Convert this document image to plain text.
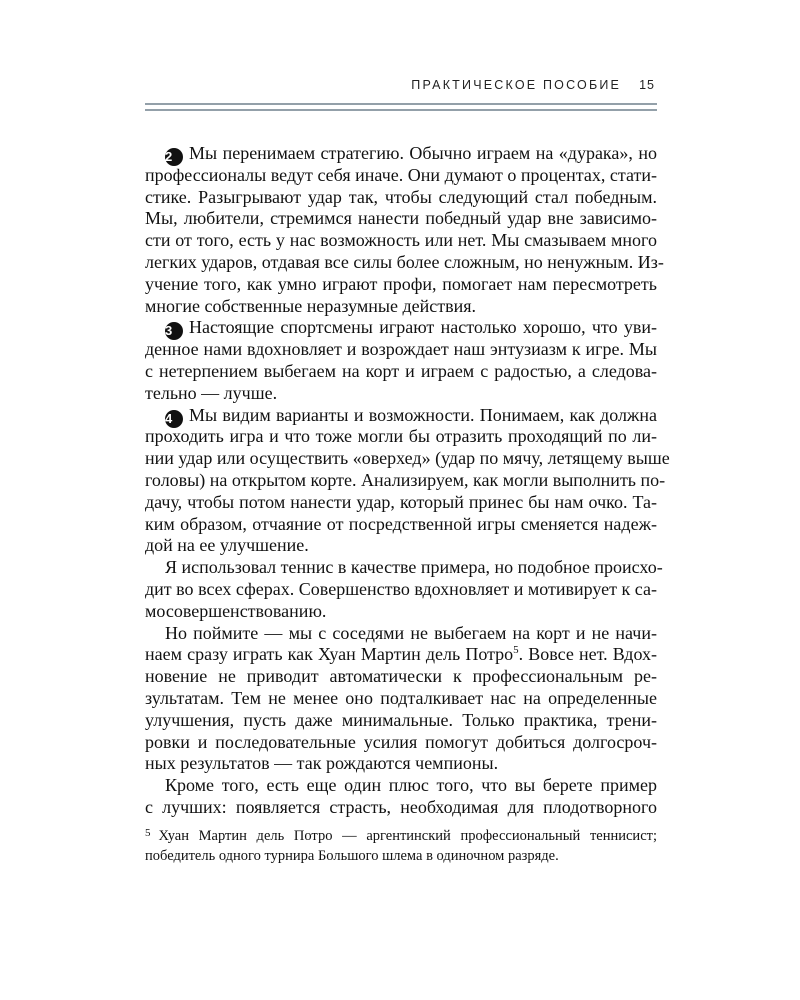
ПРАКТИЧЕСКОЕ ПОСОБИЕ 15
2 Мы перенимаем стратегию. Обычно играем на «дурака», но
профессионалы ведут себя иначе. Они думают о процентах, стати-
стике. Разыгрывают удар так, чтобы следующий стал победным.
Мы, любители, стремимся нанести победный удар вне зависимо-
сти от того, есть у нас возможность или нет. Мы смазываем много
легких ударов, отдавая все силы более сложным, но ненужным. Из-
учение того, как умно играют профи, помогает нам пересмотреть
многие собственные неразумные действия.
3 Настоящие спортсмены играют настолько хорошо, что уви-
денное нами вдохновляет и возрождает наш энтузиазм к игре. Мы
с нетерпением выбегаем на корт и играем с радостью, а следова-
тельно — лучше.
4 Мы видим варианты и возможности. Понимаем, как должна
проходить игра и что тоже могли бы отразить проходящий по ли-
нии удар или осуществить «оверхед» (удар по мячу, летящему выше
головы) на открытом корте. Анализируем, как могли выполнить по-
дачу, чтобы потом нанести удар, который принес бы нам очко. Та-
ким образом, отчаяние от посредственной игры сменяется надеж-
дой на ее улучшение.
Я использовал теннис в качестве примера, но подобное происхо-
дит во всех сферах. Совершенство вдохновляет и мотивирует к са-
мосовершенствованию.
Но поймите — мы с соседями не выбегаем на корт и не начи-
наем сразу играть как Хуан Мартин дель Потро$^5$. Вовсе нет. Вдох-
новение не приводит автоматически к профессиональным ре-
зультатам. Тем не менее оно подталкивает нас на определенные
улучшения, пусть даже минимальные. Только практика, трени-
ровки и последовательные усилия помогут добиться долгосроч-
ных результатов — так рождаются чемпионы.
Кроме того, есть еще один плюс того, что вы берете пример
с лучших: появляется страсть, необходимая для плодотворного
$^5$ Хуан Мартин дель Потро — аргентинский профессиональный теннисист;
победитель одного турнира Большого шлема в одиночном разряде.
